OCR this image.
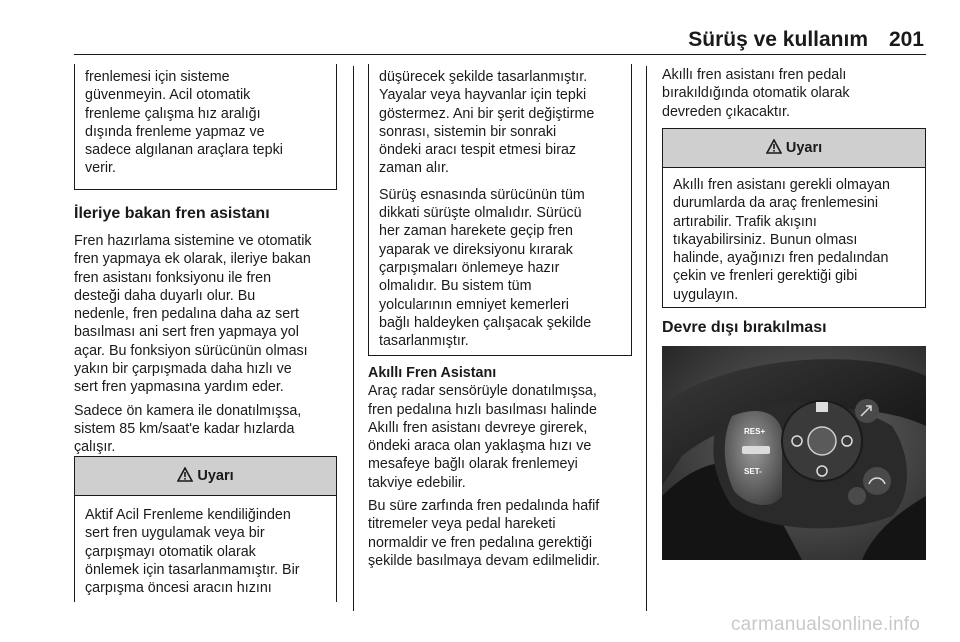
Sürüş ve kullanım 201
frenlemesi için sisteme
güvenmeyin. Acil otomatik
frenleme çalışma hız aralığı
dışında frenleme yapmaz ve
sadece algılanan araçlara tepki
verir.

İleriye bakan fren asistanı

Fren hazırlama sistemine ve otomatik
fren yapmaya ek olarak, ileriye bakan
fren asistanı fonksiyonu ile fren
desteği daha duyarlı olur. Bu
nedenle, fren pedalına daha az sert
basılması ani sert fren yapmaya yol
açar. Bu fonksiyon sürücünün olması
yakın bir çarpışmada daha hızlı ve
sert fren yapmasına yardım eder.

Sadece ön kamera ile donatılmışsa,
sistem 85 km/saat'e kadar hızlarda
çalışır.

Uyarı
Aktif Acil Frenleme kendiliğinden
sert fren uygulamak veya bir
çarpışmayı otomatik olarak
önlemek için tasarlanmamıştır. Bir
çarpışma öncesi aracın hızını
düşürecek şekilde tasarlanmıştır.
Yayalar veya hayvanlar için tepki
göstermez. Ani bir şerit değiştirme
sonrası, sistemin bir sonraki
öndeki aracı tespit etmesi biraz
zaman alır.
Sürüş esnasında sürücünün tüm
dikkati sürüşte olmalıdır. Sürücü
her zaman harekete geçip fren
yaparak ve direksiyonu kırarak
çarpışmaları önlemeye hazır
olmalıdır. Bu sistem tüm
yolcularının emniyet kemerleri
bağlı haldeyken çalışacak şekilde
tasarlanmıştır.

Akıllı Fren Asistanı

Araç radar sensörüyle donatılmışsa,
fren pedalına hızlı basılması halinde
Akıllı fren asistanı devreye girerek,
öndeki araca olan yaklaşma hızı ve
mesafeye bağlı olarak frenlemeyi
takviye edebilir.

Bu süre zarfında fren pedalında hafif
titremeler veya pedal hareketi
normaldir ve fren pedalına gerektiği
şekilde basılmaya devam edilmelidir.

Akıllı fren asistanı fren pedalı
bırakıldığında otomatik olarak
devreden çıkacaktır.

Uyarı
Akıllı fren asistanı gerekli olmayan
durumlarda da araç frenlemesini
artırabilir. Trafik akışını
tıkayabilirsiniz. Bunun olması
halinde, ayağınızı fren pedalından
çekin ve frenleri gerektiği gibi
uygulayın.

Devre dışı bırakılması

RES+
SET-
carmanualsonline.info
